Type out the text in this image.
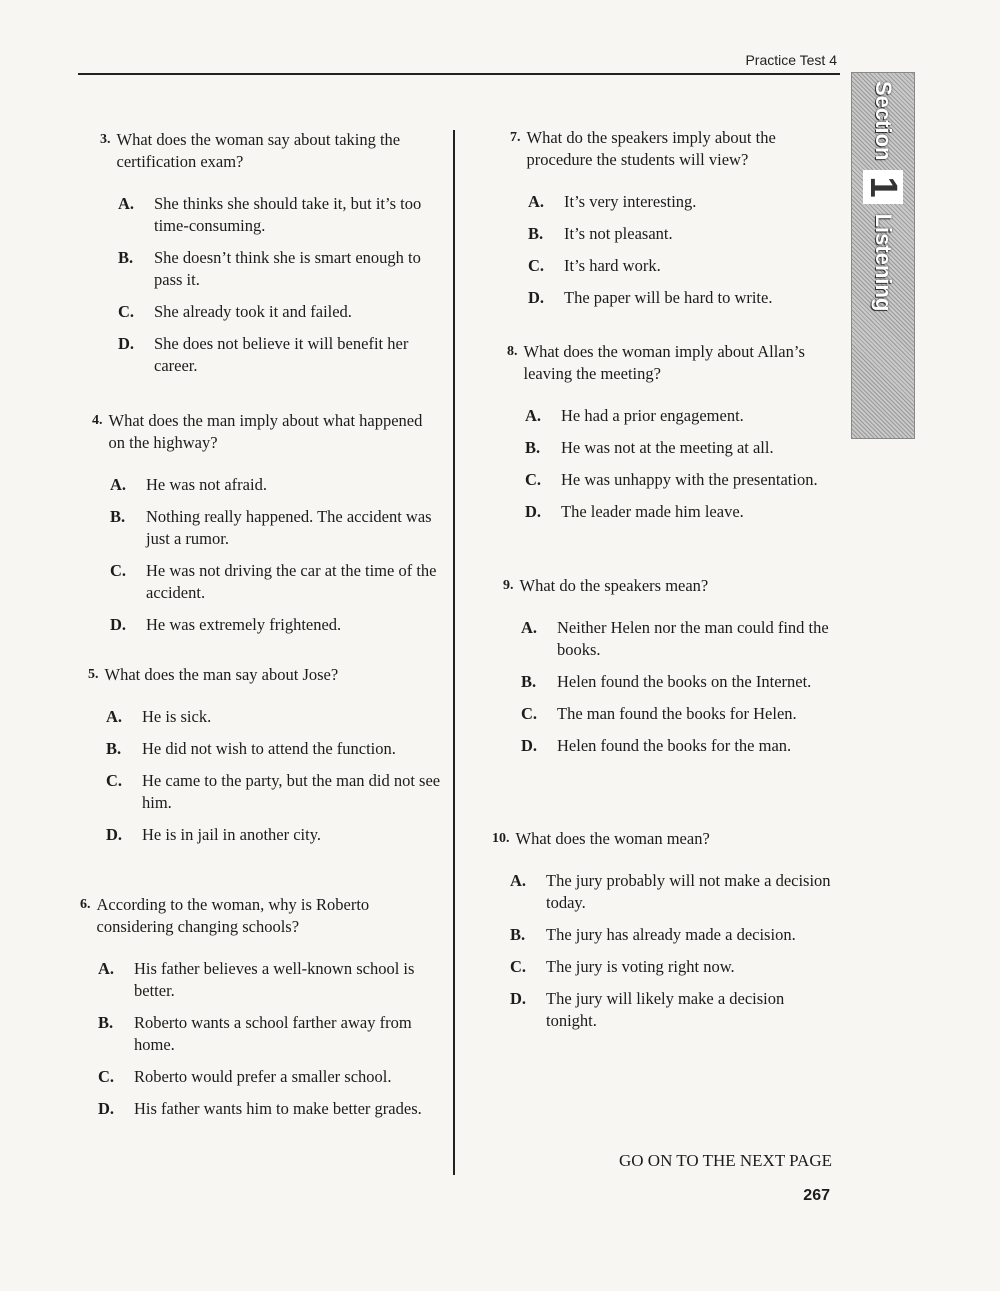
Practice Test 4
Section
1
Listening
3. What does the woman say about taking the certification exam?
A.	She thinks she should take it, but it’s too time-consuming.
B.	She doesn’t think she is smart enough to pass it.
C.	She already took it and failed.
D.	She does not believe it will benefit her career.
4. What does the man imply about what happened on the highway?
A.	He was not afraid.
B.	Nothing really happened. The accident was just a rumor.
C.	He was not driving the car at the time of the accident.
D.	He was extremely frightened.
5. What does the man say about Jose?
A.	He is sick.
B.	He did not wish to attend the function.
C.	He came to the party, but the man did not see him.
D.	He is in jail in another city.
6. According to the woman, why is Roberto considering changing schools?
A.	His father believes a well-known school is better.
B.	Roberto wants a school farther away from home.
C.	Roberto would prefer a smaller school.
D.	His father wants him to make better grades.
7. What do the speakers imply about the procedure the students will view?
A.	It’s very interesting.
B.	It’s not pleasant.
C.	It’s hard work.
D.	The paper will be hard to write.
8. What does the woman imply about Allan’s leaving the meeting?
A.	He had a prior engagement.
B.	He was not at the meeting at all.
C.	He was unhappy with the presentation.
D.	The leader made him leave.
9. What do the speakers mean?
A.	Neither Helen nor the man could find the books.
B.	Helen found the books on the Internet.
C.	The man found the books for Helen.
D.	Helen found the books for the man.
10. What does the woman mean?
A.	The jury probably will not make a decision today.
B.	The jury has already made a decision.
C.	The jury is voting right now.
D.	The jury will likely make a decision tonight.
GO ON TO THE NEXT PAGE
267
